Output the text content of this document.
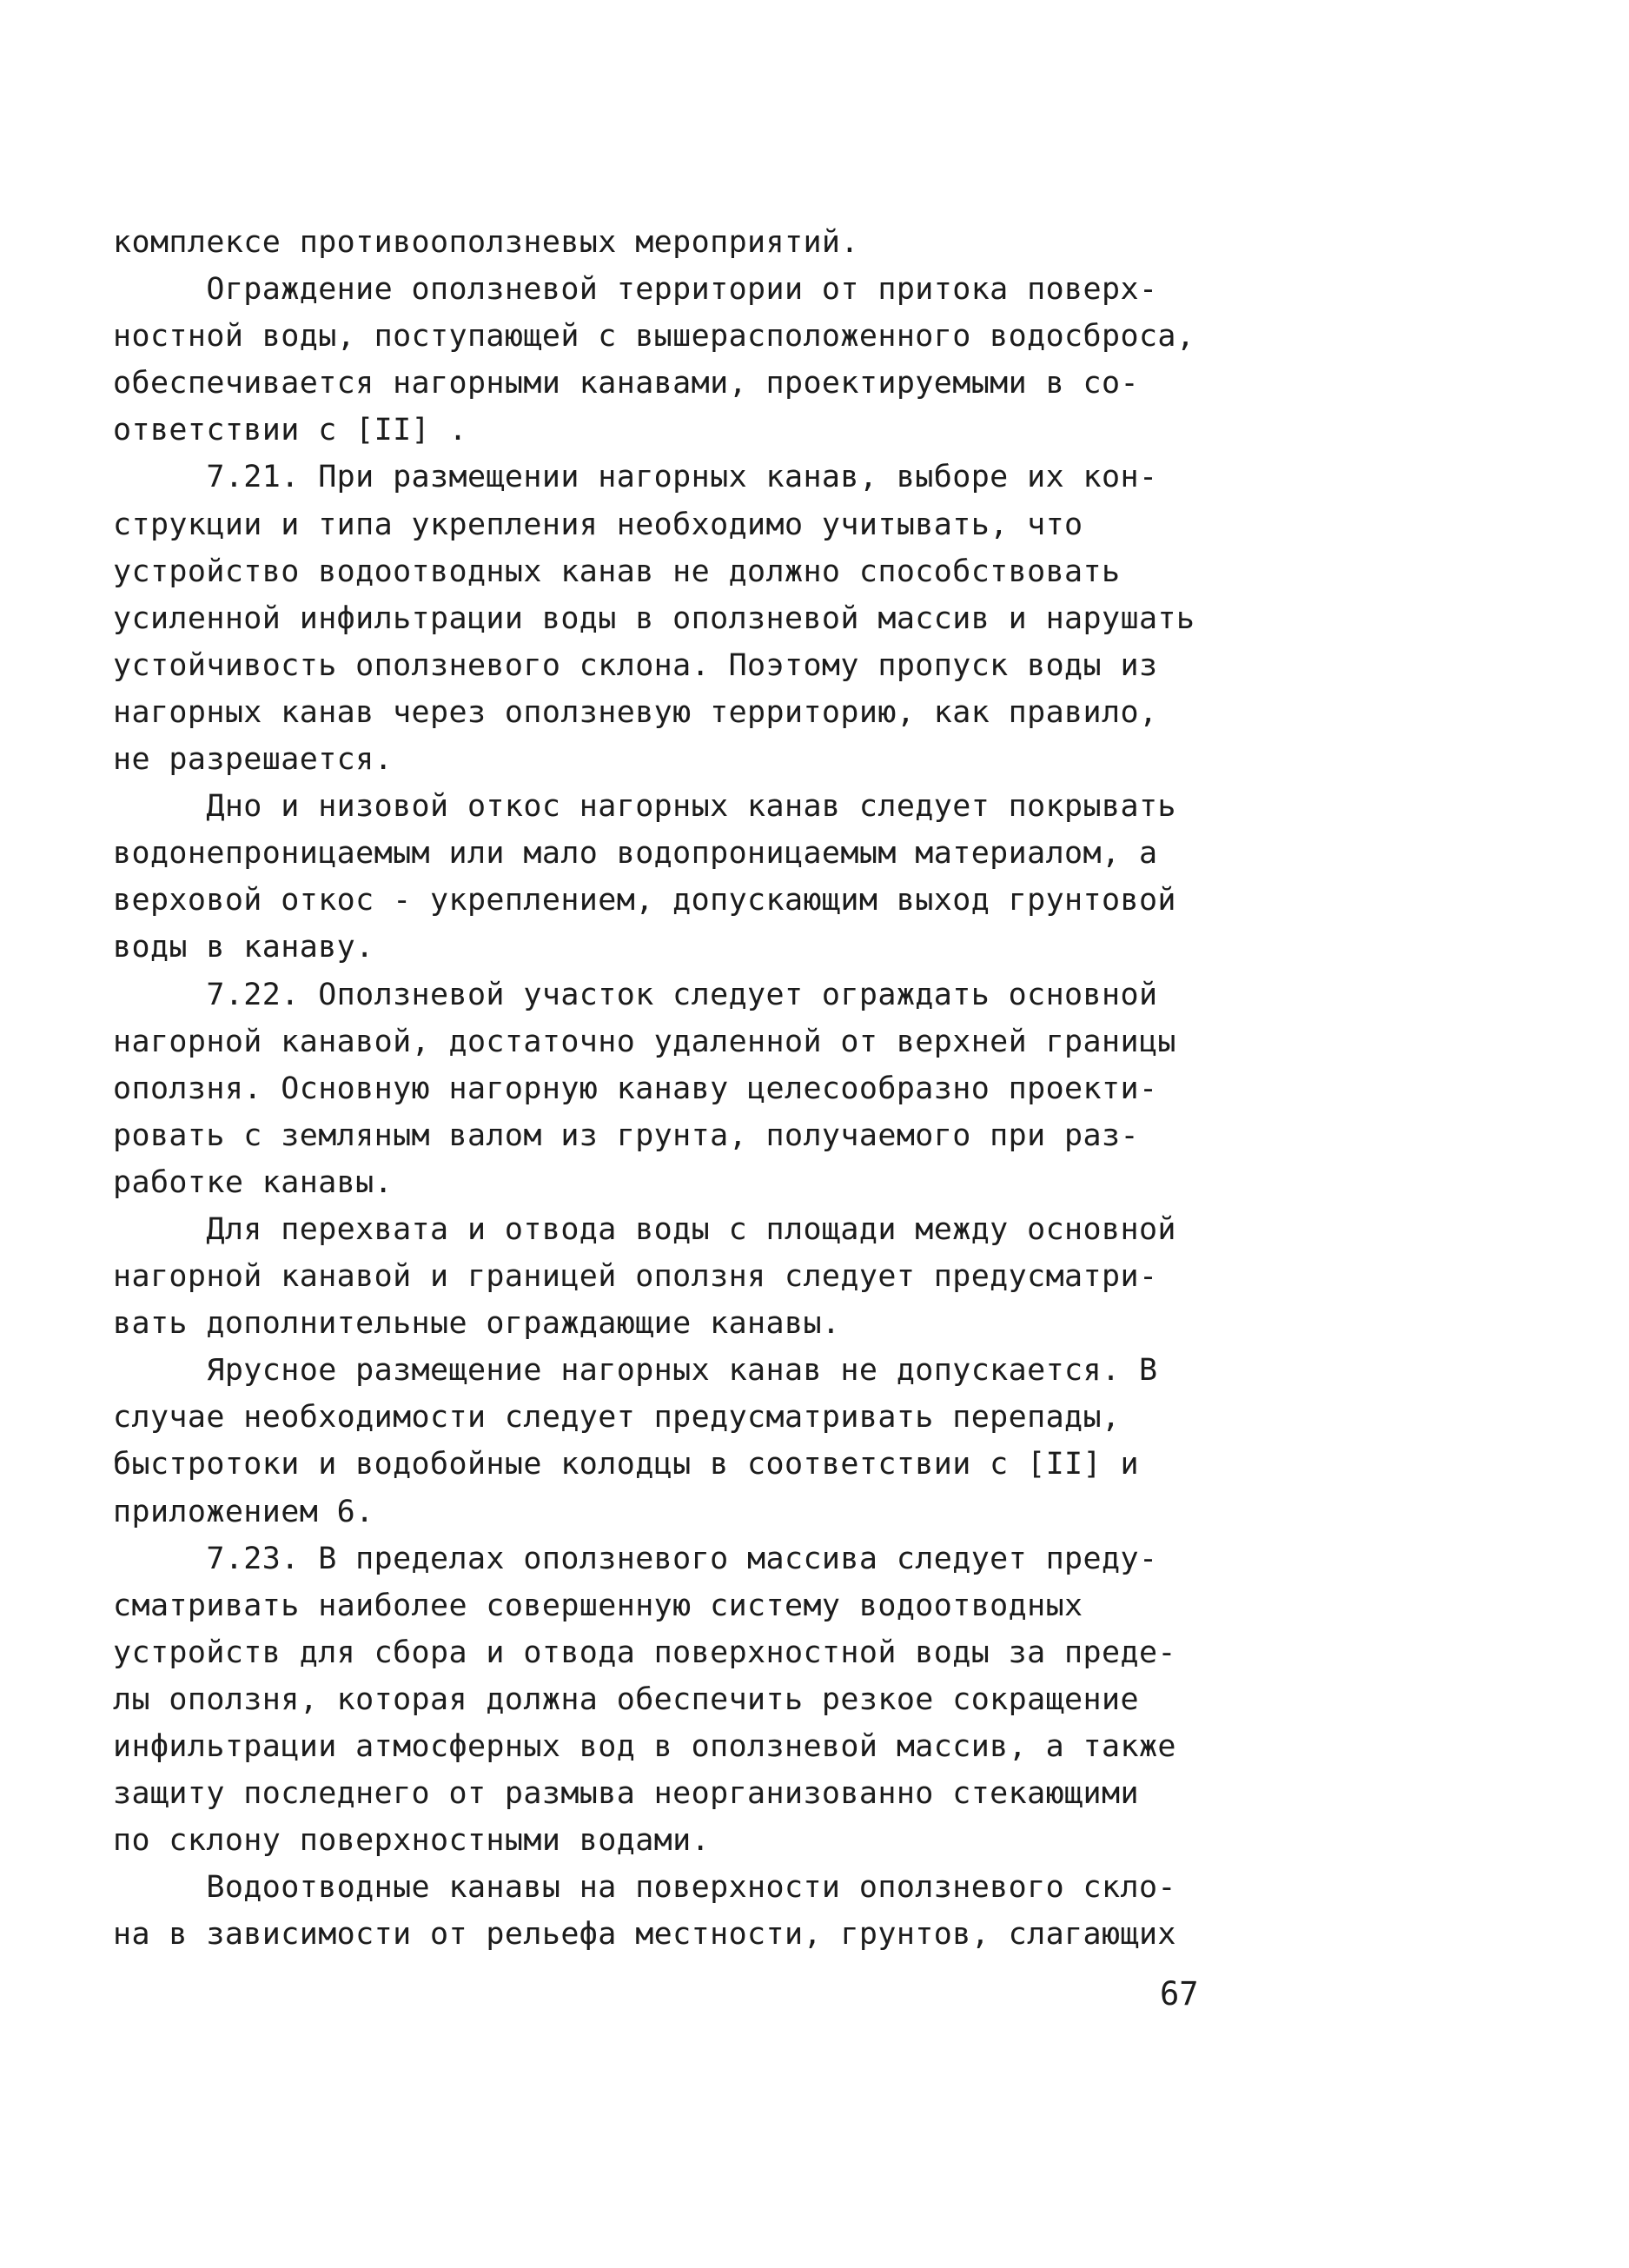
комплексе противооползневых мероприятий.
Ограждение оползневой территории от притока поверх-
ностной воды, поступающей с вышерасположенного водосброса,
обеспечивается нагорными канавами, проектируемыми в со-
ответствии с [II] .
7.21. При размещении нагорных канав, выборе их кон-
струкции и типа укрепления необходимо учитывать, что
устройство водоотводных канав не должно способствовать
усиленной инфильтрации воды в оползневой массив и нарушать
устойчивость оползневого склона. Поэтому пропуск воды из
нагорных канав через оползневую территорию, как правило,
не разрешается.
Дно и низовой откос нагорных канав следует покрывать
водонепроницаемым или мало водопроницаемым материалом, а
верховой откос - укреплением, допускающим выход грунтовой
воды в канаву.
7.22. Оползневой участок следует ограждать основной
нагорной канавой, достаточно удаленной от верхней границы
оползня. Основную нагорную канаву целесообразно проекти-
ровать с земляным валом из грунта, получаемого при раз-
работке канавы.
Для перехвата и отвода воды с площади между основной
нагорной канавой и границей оползня следует предусматри-
вать дополнительные ограждающие канавы.
Ярусное размещение нагорных канав не допускается. В
случае необходимости следует предусматривать перепады,
быстротоки и водобойные колодцы в соответствии с [II] и
приложением 6.
7.23. В пределах оползневого массива следует преду-
сматривать наиболее совершенную систему водоотводных
устройств для сбора и отвода поверхностной воды за преде-
лы оползня, которая должна обеспечить резкое сокращение
инфильтрации атмосферных вод в оползневой массив, а также
защиту последнего от размыва неорганизованно стекающими
по склону поверхностными водами.
Водоотводные канавы на поверхности оползневого скло-
на в зависимости от рельефа местности, грунтов, слагающих
67
